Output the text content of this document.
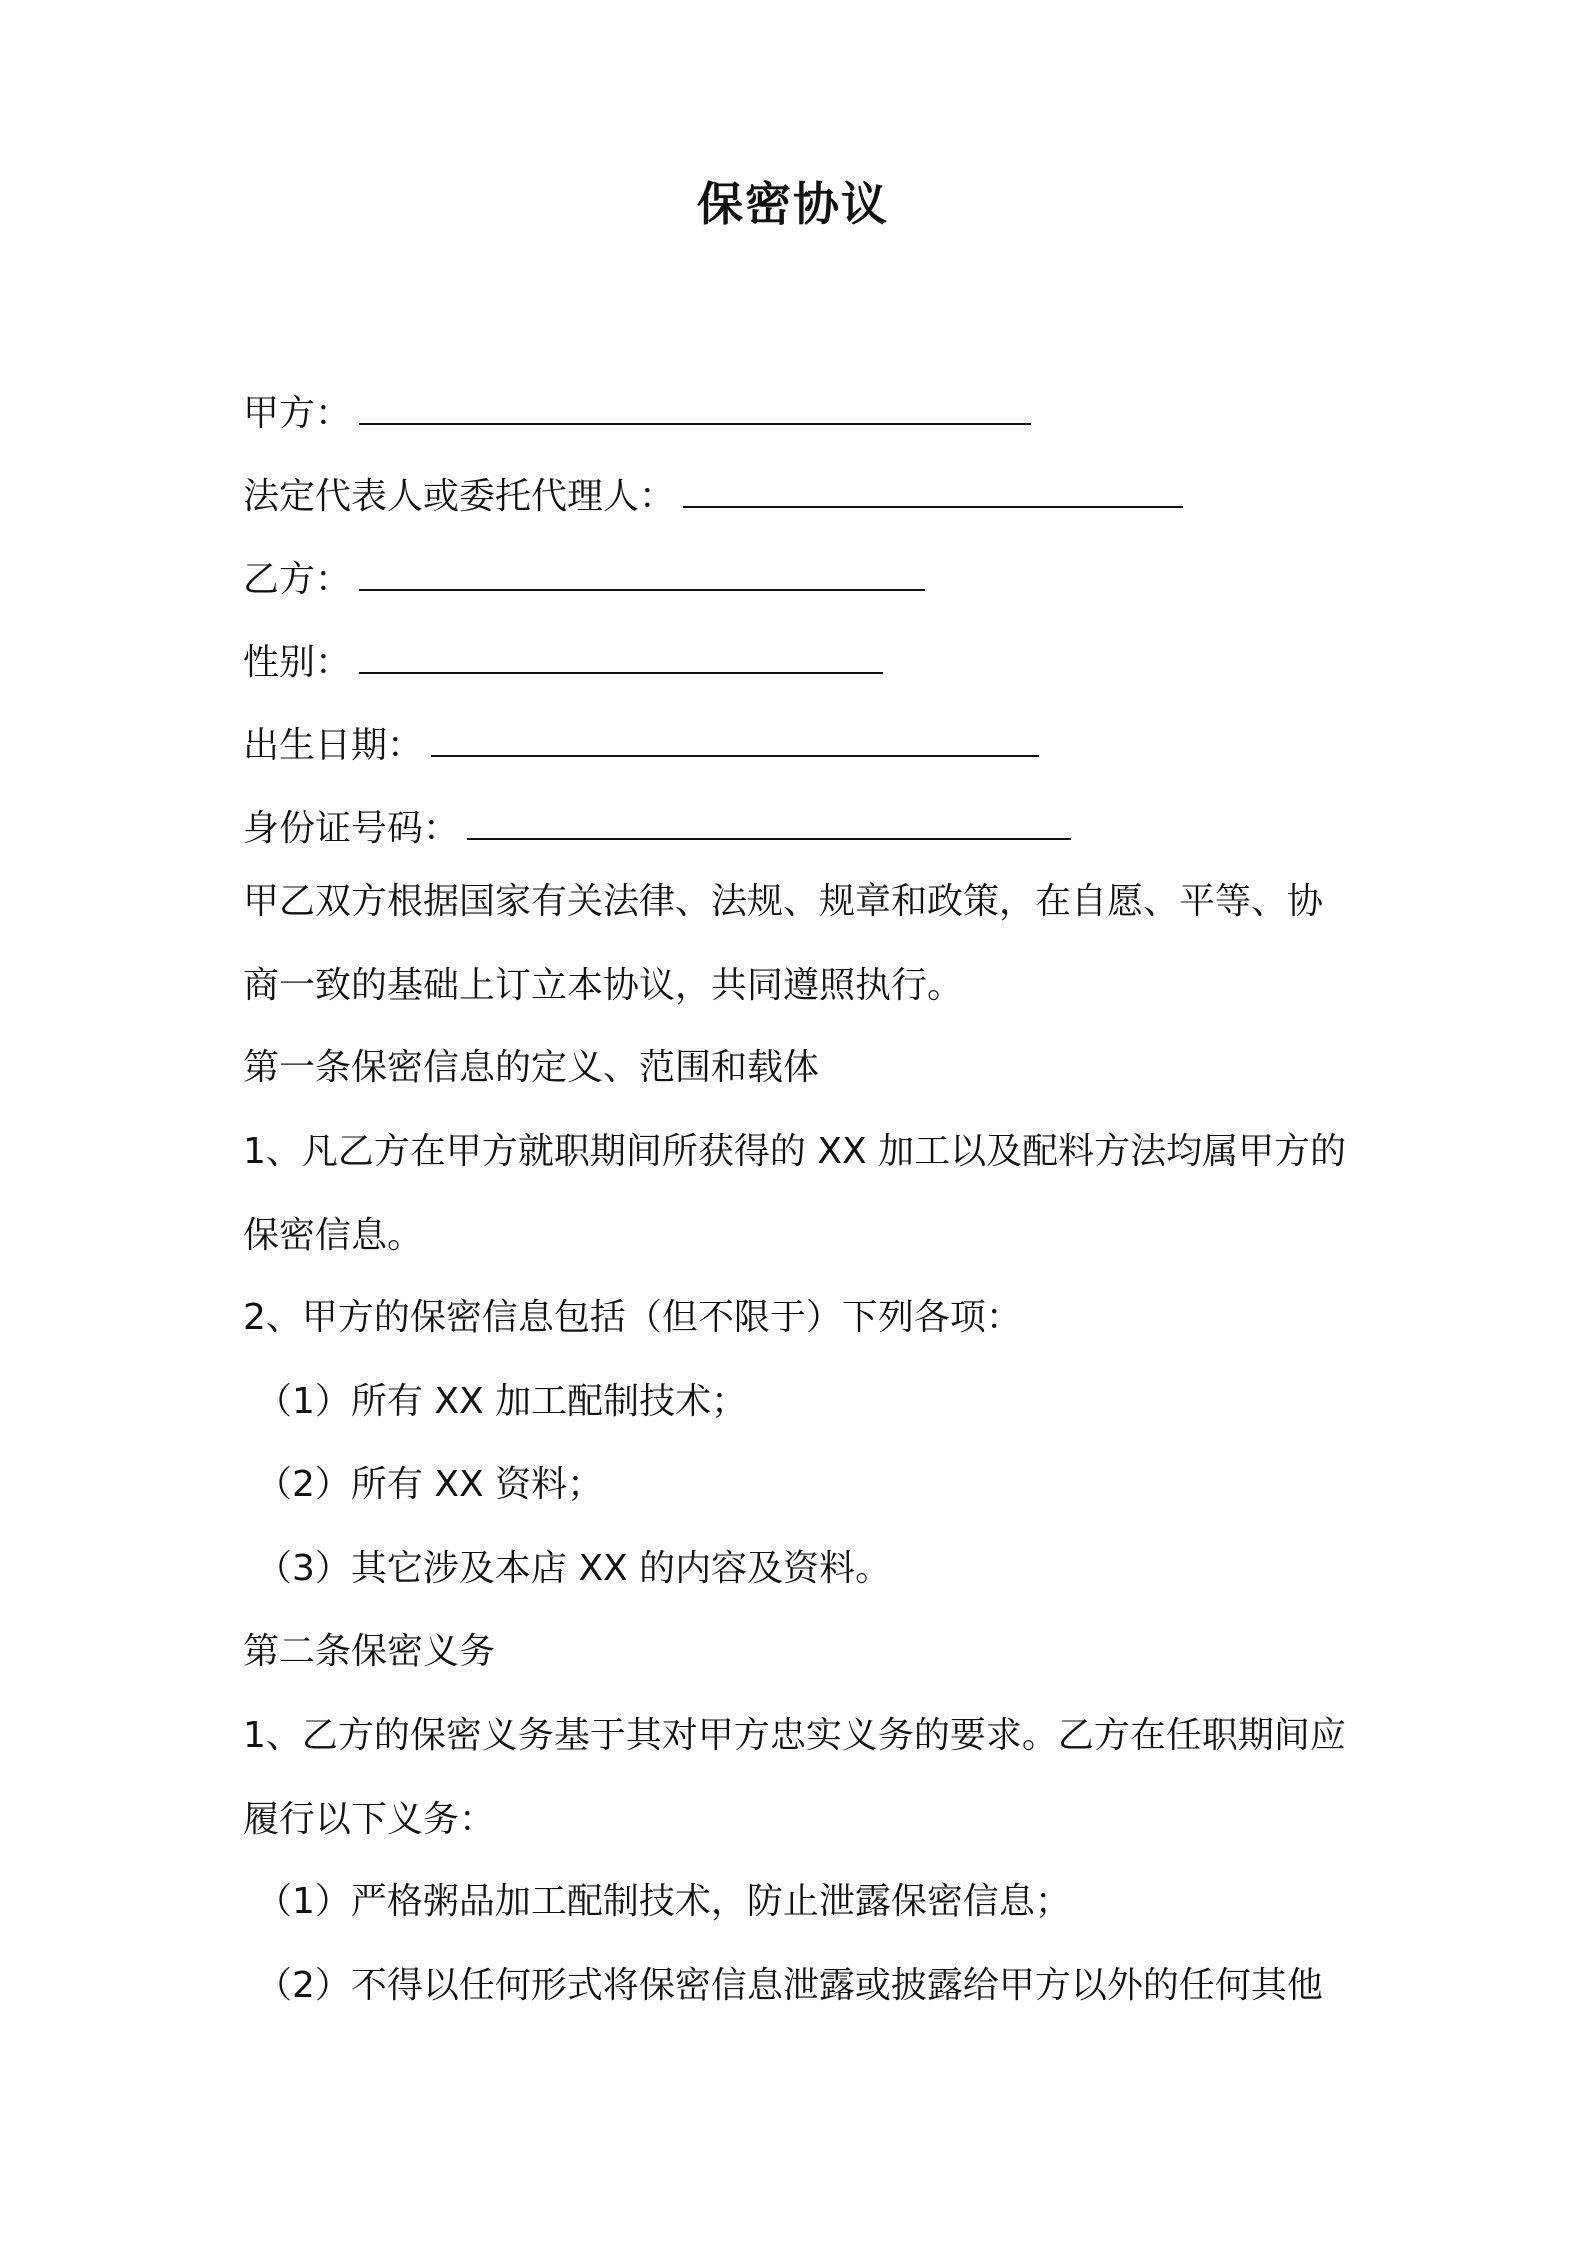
保密协议
甲方：
法定代表人或委托代理人：
乙方：
性别：
出生日期：
身份证号码：
甲乙双方根据国家有关法律、法规、规章和政策，在自愿、平等、协商一致的基础上订立本协议，共同遵照执行。
第一条保密信息的定义、范围和载体
1、凡乙方在甲方就职期间所获得的 XX 加工以及配料方法均属甲方的保密信息。
2、甲方的保密信息包括（但不限于）下列各项：
（1）所有 XX 加工配制技术；
（2）所有 XX 资料；
（3）其它涉及本店 XX 的内容及资料。
第二条保密义务
1、乙方的保密义务基于其对甲方忠实义务的要求。乙方在任职期间应履行以下义务：
（1）严格粥品加工配制技术，防止泄露保密信息；
（2）不得以任何形式将保密信息泄露或披露给甲方以外的任何其他
